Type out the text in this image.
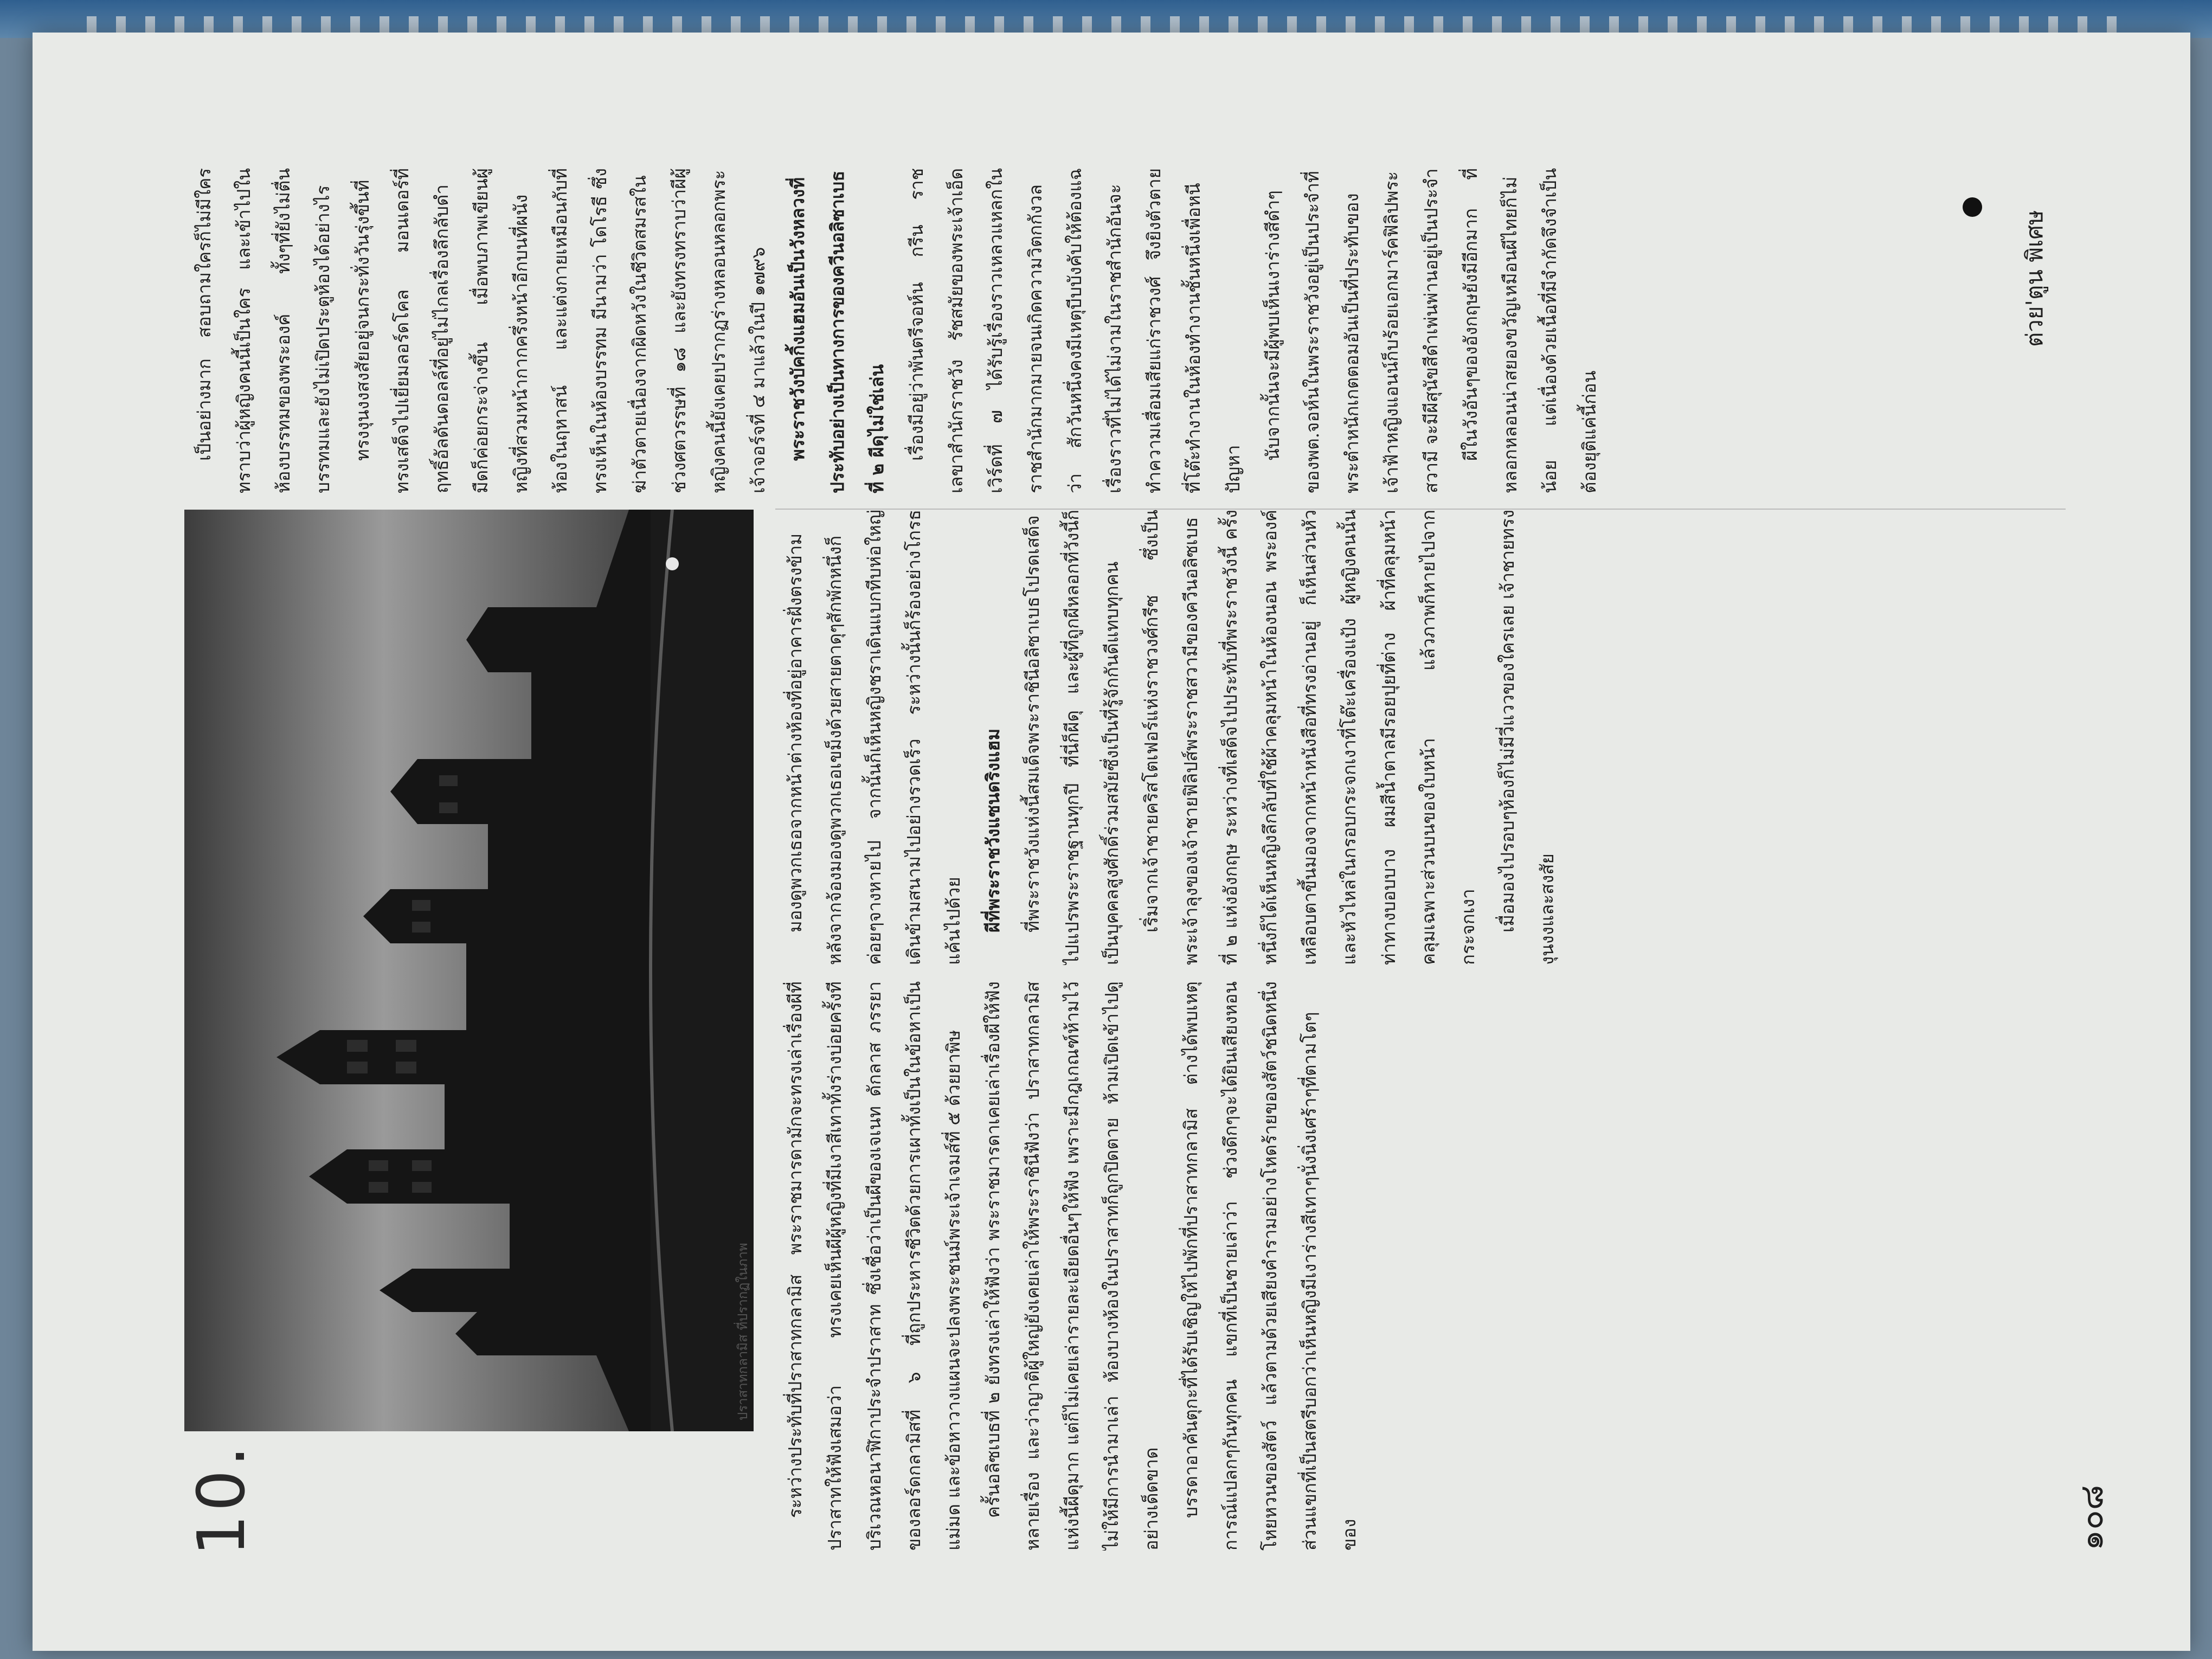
10.
ปราสาทกลามิส ที่ปรากฏในภาพ	ระหว่างประทับที่ปราสาทกลามิส พระราชมารดามักจะทรงเล่าเรื่องผีที่ปราสาทให้ฟังเสมอว่า ทรงเคยเห็นผีผู้หญิงที่มีเงาสีเทาทั้งร่างบ่อยครั้งทีบริเวณหอนาฬิกาประจำปราสาท ซึ่งเชื่อว่าเป็นผีของเจเนท ดักลาส ภรรยาของลอร์ดกลามิสที่ ๖ ที่ถูกประหารชีวิตด้วยการเผาทั้งเป็นในข้อหาเป็นแม่มด และข้อหาวางแผนจะปลงพระชนม์พระเจ้าเจมส์ที่ ๕ ด้วยยาพิษ	ครั้นอลิซเบธที่ ๒ ยังทรงเล่าให้ฟังว่า พระราชมารดาเคยเล่าเรื่องผีให้ฟังหลายเรื่อง และว่าญาติผู้ใหญ่ยังเคยเล่าให้พระราชินีฟังว่า ปราสาทกลามิสแห่งนี้ผีดุมาก แต่ก็ไม่เคยเล่ารายละเอียดอื่นๆให้ฟัง เพราะมีกฎเกณฑ์ห้ามไว้ไม่ให้มีการนำมาเล่า ห้องบางห้องในปราสาทก็ถูกปิดตาย ห้ามเปิดเข้าไปดูอย่างเด็ดขาด	บรรดาอาคันตุกะที่ได้รับเชิญให้ไปพักที่ปราสาทกลามิส ต่างได้พบเหตุการณ์แปลกๆกันทุกคน แขกที่เป็นชายเล่าว่า ช่วงดึกๆจะได้ยินเสียงหอนโหยหวนของสัตว์ แล้วตามด้วยเสียงคำรามอย่างโหดร้ายของสัตว์ชนิดหนึ่ง ส่วนแขกที่เป็นสตรีบอกว่าเห็นหญิงมีเงาร่างสีเทาๆนั่งนิ่งเศร้าๆที่ตามโตๆของ

มองดูพวกเธอจากหน้าต่างห้องที่อยู่อาคารฝั่งตรงข้าม หลังจากจ้องมองดูพวกเธอเขม็งด้วยสายตาดุๆสักพักหนึ่งก็ค่อยๆจางหายไป จากนั้นก็เห็นหญิงชราเดินแบกทีบห่อใหญ่เดินข้ามสนามไปอย่างรวดเร็ว ระหว่างนั้นก็ร้องอย่างโกรธแค้นไปด้วย	ผีที่พระราชวังแซนดริงแฮม	ที่พระราชวังแห่งนี้สมเด็จพระราชินีอลิซาเบธโปรดเสด็จไปแปรพระราชฐานทุกปี ที่นี่ก็ผีดุ และผู้ที่ถูกผีหลอกที่วังนี้ก็เป็นบุคคลสูงศักดิ์ร่วมสมัยซึ่งเป็นที่รู้จักกันดีแทบทุกคน	เริ่มจากเจ้าชายคริสโตเฟอร์แห่งราชวงศ์กรีซ ซึ่งเป็นพระเจ้าลุงของเจ้าชายฟิลิปส์พระราชสวามีของควีนอลิซเบธที่ ๒ แห่งอังกฤษ ระหว่างที่เสด็จไปประทับที่พระราชวังนี้ ครั้งหนึ่งก็ได้เห็นหญิงลึกลับที่ใช้ผ้าคลุมหน้าในห้องนอน พระองค์เหลือบตาขึ้นมองจากหน้าหนังสือที่ทรงอ่านอยู่ ก็เห็นส่วนหัวและหัวไหล่ในกรอบกระจกเงาที่โต๊ะเครื่องแป้ง ผู้หญิงคนนั้นท่าทางบอบบาง ผมสีน้ำตาลมีรอยปุยที่ต่าง ผ้าที่คลุมหน้าคลุมเฉพาะส่วนบนของใบหน้า แล้วภาพก็หายไปจากกระจกเงา	เมื่อมองไปรอบๆห้องก็ไม่มีวี่แววของใครเลย เจ้าชายทรงงุนงงและสงสัย

เป็นอย่างมาก สอบถามใครก็ไม่มีใครทราบว่าผู้หญิงคนนี้เป็นใคร และเข้าไปในห้องบรรทมของพระองค์ ทั้งๆที่ยังไม่ตื่นบรรทมและยังไม่เปิดประตูห้องได้อย่างไร	ทรงงุนงงสงสัยอยู่จนกระทั่งวันรุ่งขึ้นที่ทรงเสด็จไปเยี่ยมลอร์ดโคล มอนเดอร์ที่ฤทธิ์อัลดันดอลล์ที่อยู่ไม่ไกลเรื่องลึกลับดำมืดก็ค่อยกระจ่างขึ้น เมื่อพบภาพเขียนผู้หญิงที่สวมหน้ากากครึ่งหน้าอีกบนที่ผนังห้องในฤหาสน์ และแต่งกายเหมือนกับที่ทรงเห็นในห้องบรรทม มีนามว่า โดโรธี ซึ่งฆ่าตัวตายเนื่องจากผิดหวังในชีวิตสมรสในช่วงศตวรรษที่ ๑๘ และยังทรงทราบว่าผีผู้หญิงคนนี้ยังเคยปรากฏร่างหลอนหลอกพระเจ้าจอร์จที่ ๔ มาแล้วในปี ๑๗๙๖	พระราชวังบัคกิ้งแฮมอันเป็นวังหลวงที่ประทับอย่างเป็นทางการของควีนอลิซาเบธที่ ๒ ผีดุไม่ใช่เล่น	เรื่องมีอยู่ว่าพันตรีจอห์น กรีน ราชเลขาสำนักราชวัง รัชสมัยของพระเจ้าเอ็ดเวิร์ดที่ ๗ ได้รับรู้เรื่องราวเหลวแหลกในราชสำนักมากมายจนเกิดความวิตกกังวลว่า สักวันหนึ่งคงมีเหตุบีบบังคับให้ต้องแฉเรื่องราวที่ไม่ได้ไม่งามในราชสำนักอันจะทำความเสื่อมเสียแก่ราชวงศ์ จึงยิงตัวตายที่โต๊ะทำงานในห้องทำงานชั้นหนึ่งเพื่อหนีปัญหา

นับจากนั้นจะมีผู้พบเห็นเงาร่างสีดำๆของพต.จอห์นในพระราชวังอยู่เป็นประจำที่พระตำหนักเกตตอมอันเป็นที่ประทับของเจ้าฟ้าหญิงแอนน์ก็บร้อยเอกมาร์คฟิลิปพระสวามี จะมีผีสุนัขสีดำเพ่นพ่านอยู่เป็นประจำ	ผีในวังอันๆของอังกฤษยังมีอีกมาก ที่หลอกหลอนน่าสยองขวัญเหมือนผีไทยก็ไม่น้อย แต่เนื่องด้วยเนื้อที่มีจำกัดจึงจำเป็นต้องยุติแค่นี้ก่อน

ต่วย'ตูน พิเศษ
๑๐๘
